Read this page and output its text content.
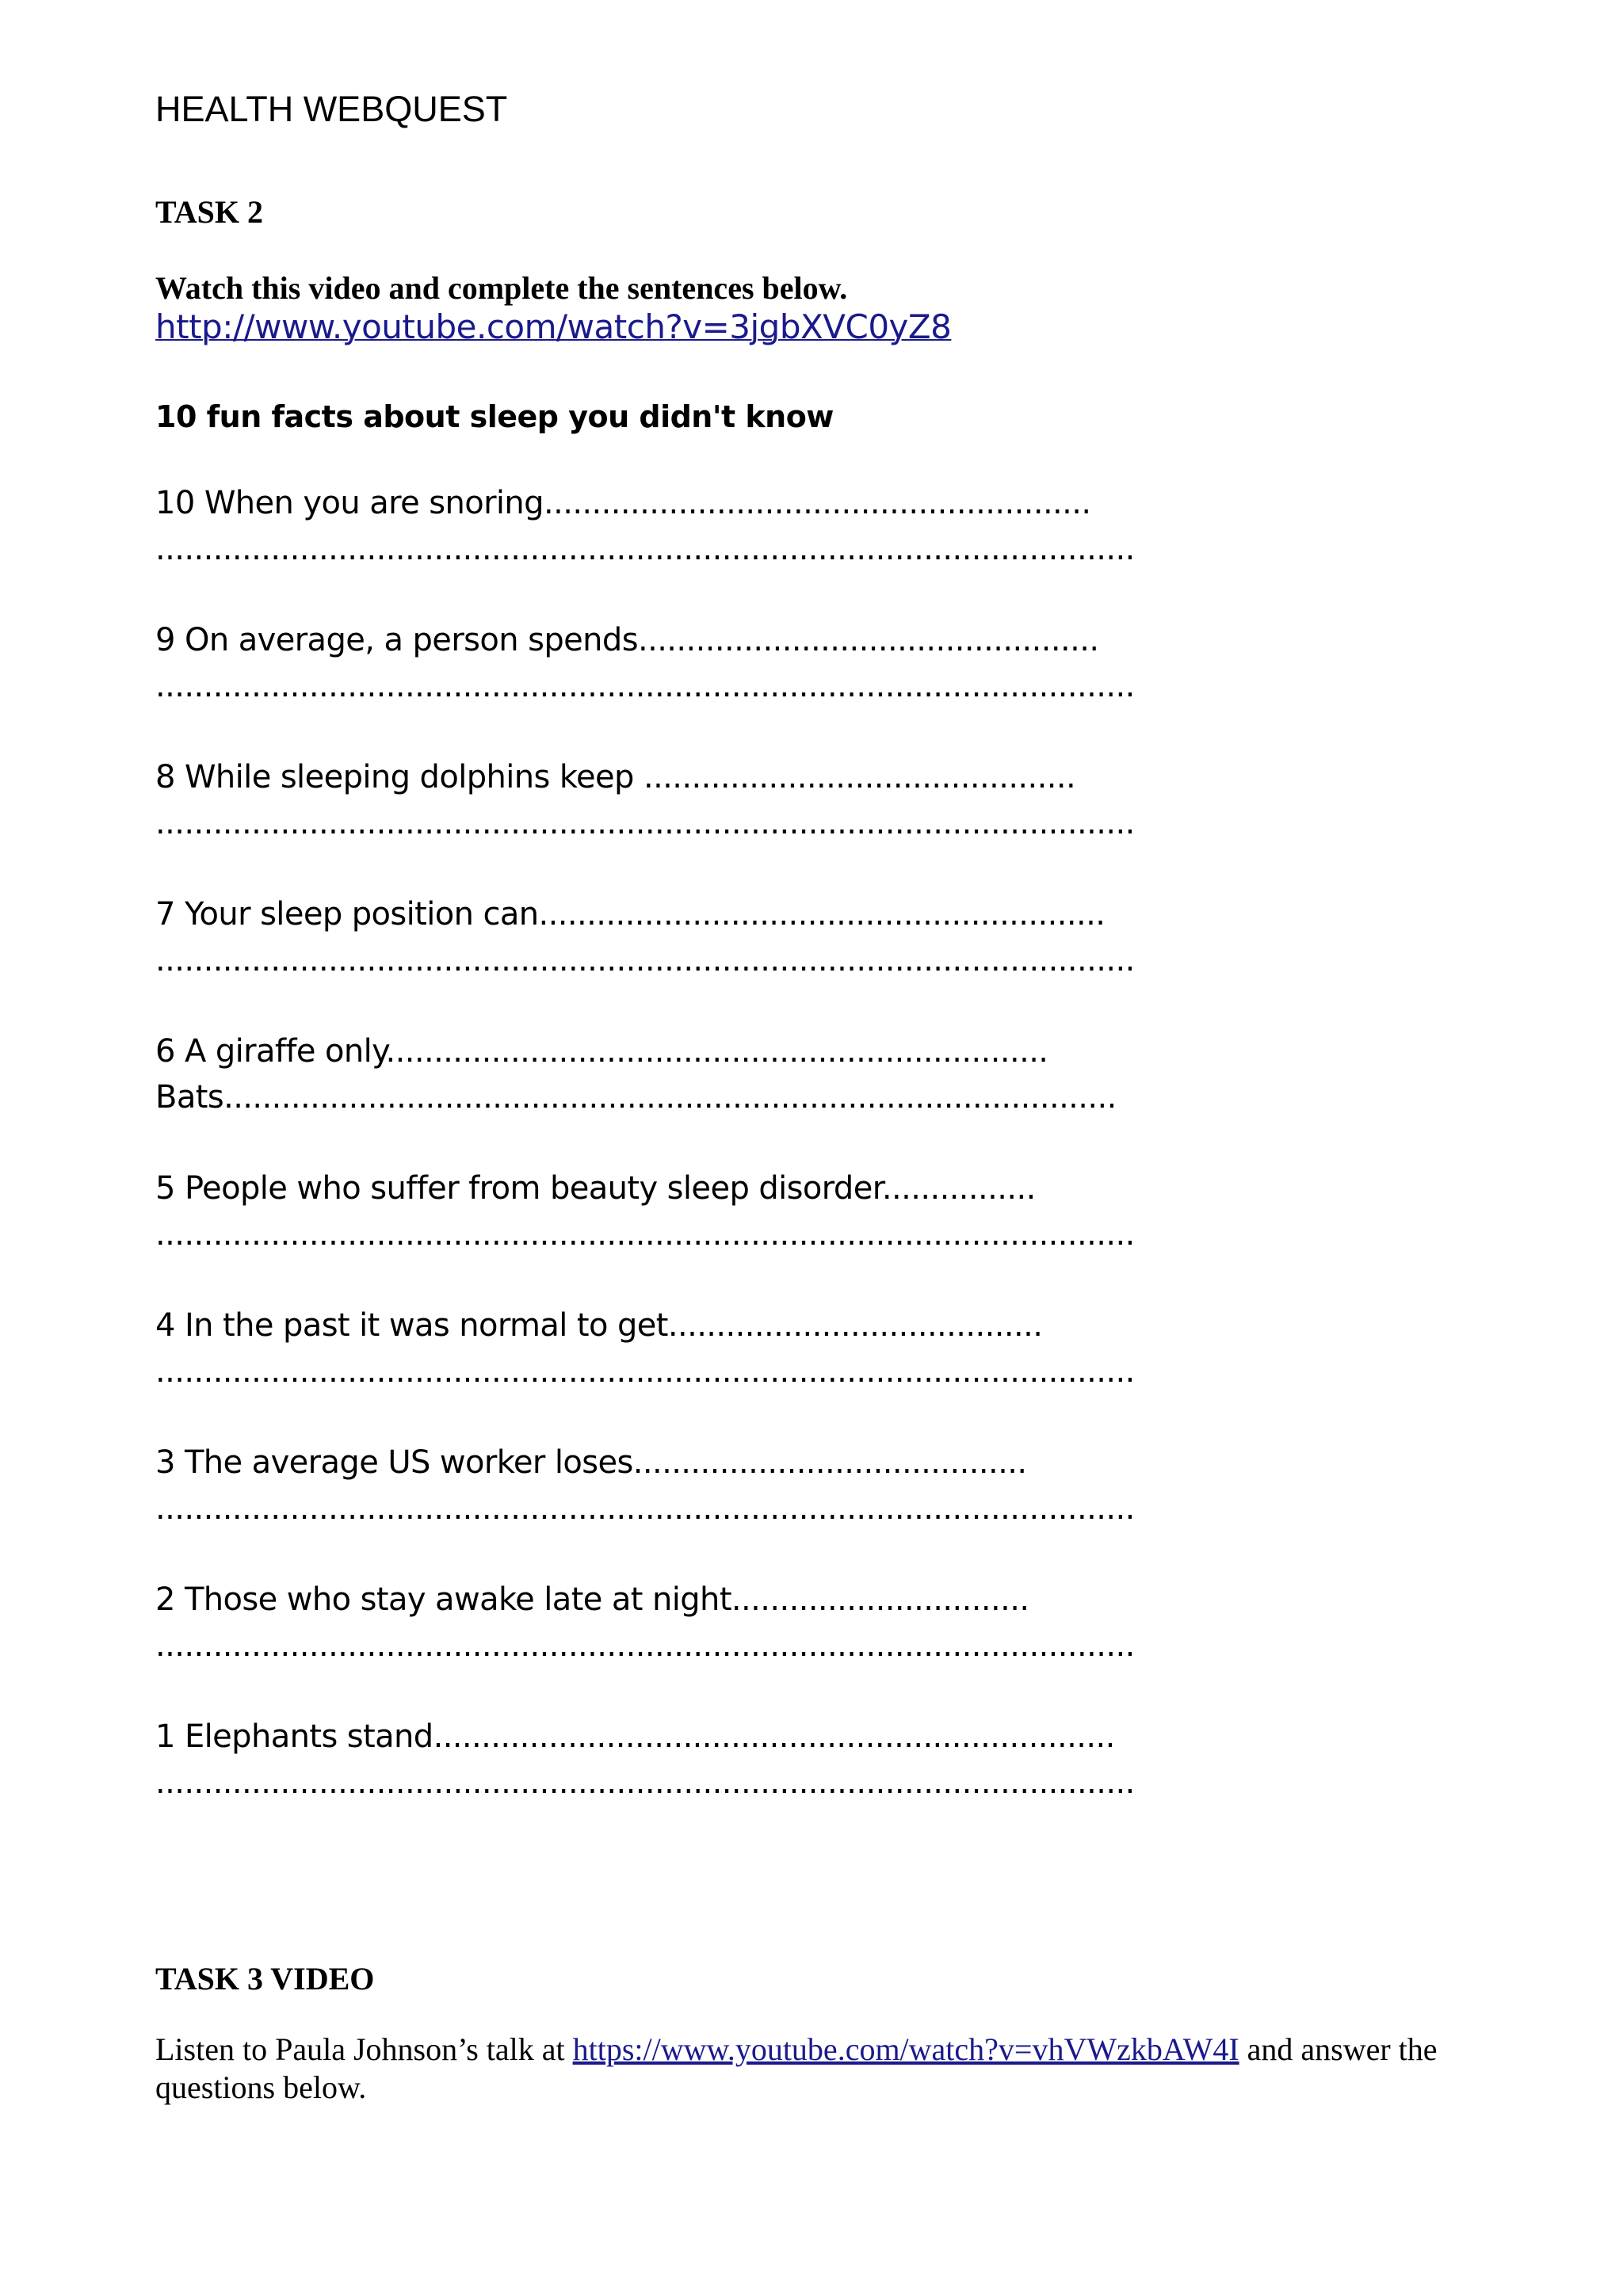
HEALTH WEBQUEST
TASK 2
Watch this video and complete the sentences below.
http://www.youtube.com/watch?v=3jgbXVC0yZ8
10 fun facts about sleep you didn't know
10 When you are snoring.........................................................
......................................................................................................
9 On average, a person spends................................................
......................................................................................................
8 While sleeping dolphins keep .............................................
......................................................................................................
7 Your sleep position can...........................................................
......................................................................................................
6 A giraffe only.....................................................................
Bats.............................................................................................
5 People who suffer from beauty sleep disorder................
......................................................................................................
4 In the past it was normal to get.......................................
......................................................................................................
3 The average US worker loses.........................................
......................................................................................................
2 Those who stay awake late at night...............................
......................................................................................................
1 Elephants stand.......................................................................
......................................................................................................
TASK 3 VIDEO
Listen to Paula Johnson’s talk at https://www.youtube.com/watch?v=vhVWzkbAW4I and answer the questions below.
